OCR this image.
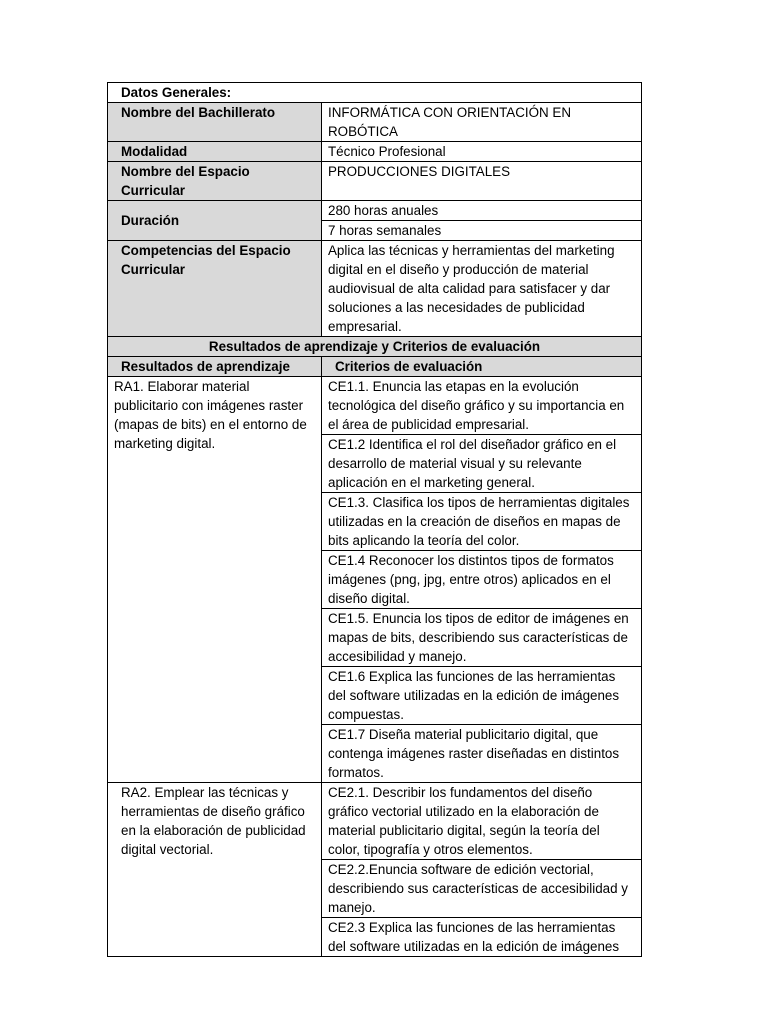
Datos Generales:	
Nombre del Bachillerato	INFORMÁTICA CON ORIENTACIÓN EN ROBÓTICA
Modalidad	Técnico Profesional
Nombre del Espacio Curricular	PRODUCCIONES DIGITALES
Duración	280 horas anuales
	7 horas semanales
Competencias del Espacio Curricular	Aplica las técnicas y herramientas del marketing digital en el diseño y producción de material audiovisual de alta calidad para satisfacer y dar soluciones a las necesidades de publicidad empresarial.
Resultados de aprendizaje y Criterios de evaluación	
Resultados de aprendizaje	Criterios de evaluación
RA1. Elaborar material publicitario con imágenes raster (mapas de bits) en el entorno de marketing digital.	CE1.1. Enuncia las etapas en la evolución tecnológica del diseño gráfico y su importancia en el área de publicidad empresarial.
	CE1.2 Identifica el rol del diseñador gráfico en el desarrollo de material visual y su relevante aplicación en el marketing general.
	CE1.3. Clasifica los tipos de herramientas digitales utilizadas en la creación de diseños en mapas de bits aplicando la teoría del color.
	CE1.4 Reconocer los distintos tipos de formatos imágenes (png, jpg, entre otros) aplicados en el diseño digital.
	CE1.5. Enuncia los tipos de editor de imágenes en mapas de bits, describiendo sus características de accesibilidad y manejo.
	CE1.6 Explica las funciones de las herramientas del software utilizadas en la edición de imágenes compuestas.
	CE1.7 Diseña material publicitario digital, que contenga imágenes raster diseñadas en distintos formatos.
RA2. Emplear las técnicas y herramientas de diseño gráfico en la elaboración de publicidad digital vectorial.	CE2.1. Describir los fundamentos del diseño gráfico vectorial utilizado en la elaboración de material publicitario digital, según la teoría del color, tipografía y otros elementos.
	CE2.2.Enuncia software de edición vectorial, describiendo sus características de accesibilidad y manejo.
	CE2.3 Explica las funciones de las herramientas del software utilizadas en la edición de imágenes
